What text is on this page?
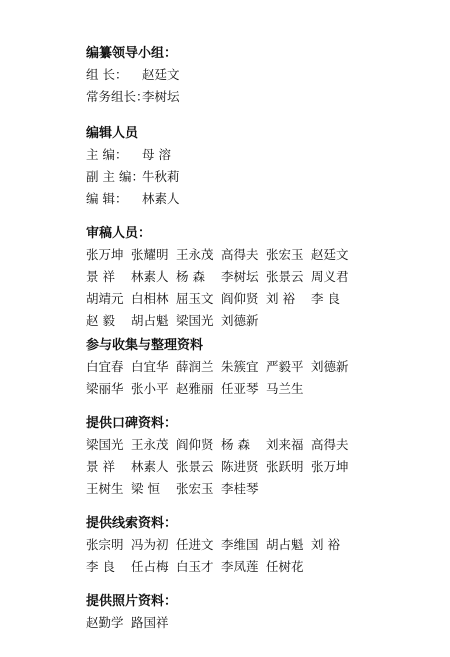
编纂领导小组：
组 长： 赵廷文
常务组长：李树坛
编辑人员
主 编： 母 溶
副 主 编：牛秋莉
编 辑： 林素人
审稿人员：
张万坤 张耀明 王永茂 高得夫 张宏玉 赵廷文
景 祥	林素人 杨 森	李树坛 张景云 周义君
胡靖元 白相林 屈玉文 阎仰贤 刘 裕	李 良
赵 毅	胡占魁 梁国光 刘德新
参与收集与整理资料
白宜春 白宜华 薛润兰 朱簇宜 严毅平 刘德新
梁丽华 张小平 赵雅丽 任亚琴 马兰生
提供口碑资料：
梁国光 王永茂 阎仰贤 杨 森	刘来福 高得夫
景 祥	林素人 张景云 陈进贤 张跃明 张万坤
王树生 梁 恒	张宏玉 李桂琴
提供线索资料：
张宗明 冯为初 任进文 李维国 胡占魁 刘 裕
李 良	任占梅 白玉才 李凤莲 任树花
提供照片资料：
赵勤学 路国祥
